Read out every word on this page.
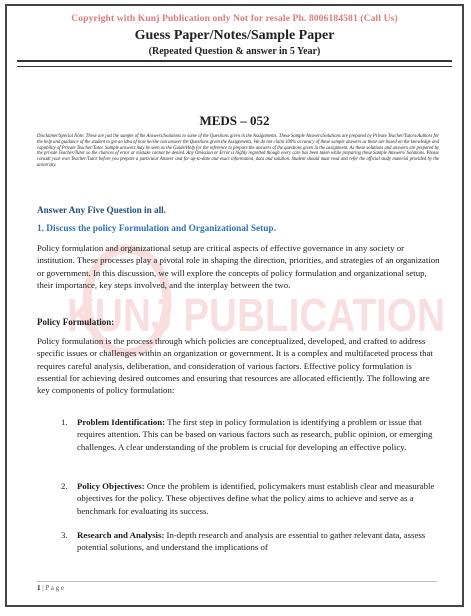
KUNJ PUBLICATION
Copyright with Kunj Publication only Not for resale Ph. 8006184581 (Call Us)
Guess Paper/Notes/Sample Paper
(Repeated Question & answer in 5 Year)
MEDS – 052
Disclaimer/Special Note: These are just the sample of the Answers/Solutions to some of the Questions given in the Assignments. These Sample Answers/Solutions are prepared by Private Teacher/Tutors/Authors for the help and guidance of the student to get an idea of how he/she can answer the Questions given the Assignments. We do not claim 100% accuracy of these sample answers as these are based on the knowledge and capability of Private Teacher/Tutor. Sample answers may be seen as the Guide/Help for the reference to prepare the answers of the questions given in the assignment. As these solutions and answers are prepared by the private Teacher/Tutor so the chances of error or mistake cannot be denied. Any Omission or Error is highly regretted though every care has been taken while preparing these Sample Answers/ Solutions. Please consult your own Teacher/Tutor before you prepare a particular Answer and for up-to-date and exact information, data and solution. Student should must read and refer the official study material provided by the university.
Answer Any Five Question in all.
1. Discuss the policy Formulation and Organizational Setup.
Policy formulation and organizational setup are critical aspects of effective governance in any society or institution. These processes play a pivotal role in shaping the direction, priorities, and strategies of an organization or government. In this discussion, we will explore the concepts of policy formulation and organizational setup, their importance, key steps involved, and the interplay between the two.
Policy Formulation:
Policy formulation is the process through which policies are conceptualized, developed, and crafted to address specific issues or challenges within an organization or government. It is a complex and multifaceted process that requires careful analysis, deliberation, and consideration of various factors. Effective policy formulation is essential for achieving desired outcomes and ensuring that resources are allocated efficiently. The following are key components of policy formulation:
1. Problem Identification: The first step in policy formulation is identifying a problem or issue that requires attention. This can be based on various factors such as research, public opinion, or emerging challenges. A clear understanding of the problem is crucial for developing an effective policy.
2. Policy Objectives: Once the problem is identified, policymakers must establish clear and measurable objectives for the policy. These objectives define what the policy aims to achieve and serve as a benchmark for evaluating its success.
3. Research and Analysis: In-depth research and analysis are essential to gather relevant data, assess potential solutions, and understand the implications of
1 | P a g e
